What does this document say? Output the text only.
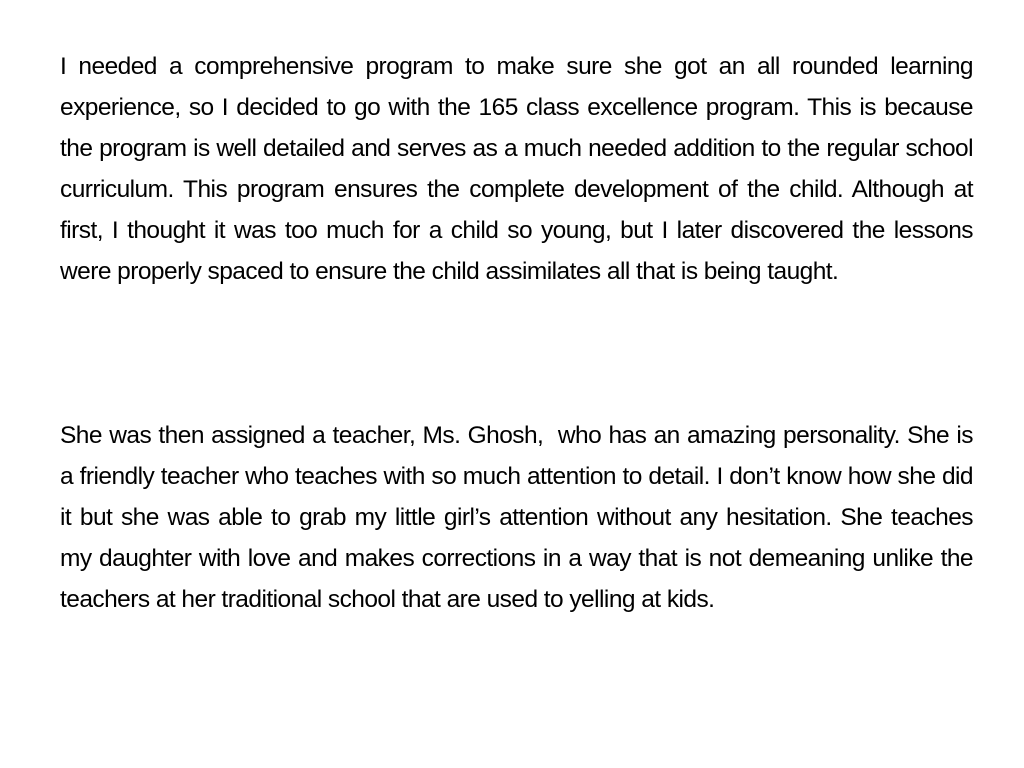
I needed a comprehensive program to make sure she got an all rounded learning experience, so I decided to go with the 165 class excellence program. This is because the program is well detailed and serves as a much needed addition to the regular school curriculum. This program ensures the complete development of the child. Although at first, I thought it was too much for a child so young, but I later discovered the lessons were properly spaced to ensure the child assimilates all that is being taught.

She was then assigned a teacher, Ms. Ghosh,  who has an amazing personality. She is a friendly teacher who teaches with so much attention to detail. I don’t know how she did it but she was able to grab my little girl’s attention without any hesitation. She teaches my daughter with love and makes corrections in a way that is not demeaning unlike the teachers at her traditional school that are used to yelling at kids.
